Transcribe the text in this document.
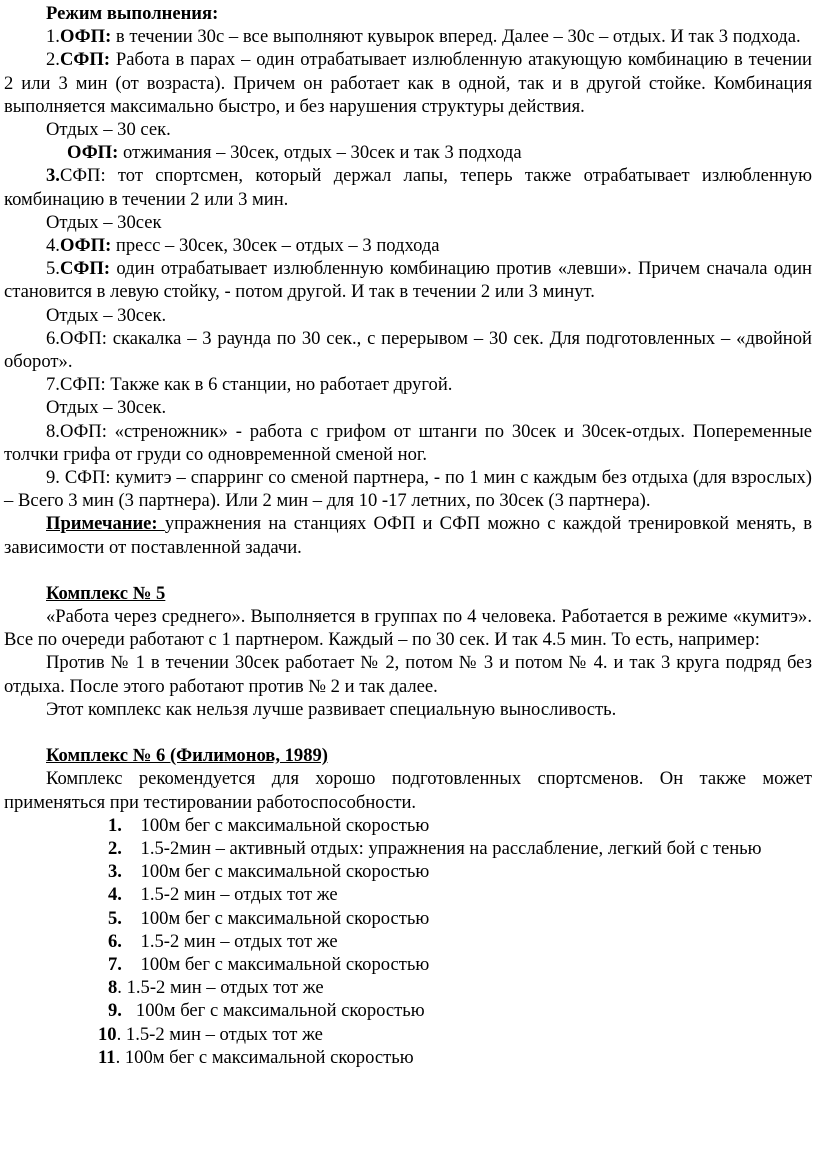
Режим выполнения:

1.ОФП: в течении 30с – все выполняют кувырок вперед. Далее – 30с – отдых. И так 3 подхода.

2.СФП: Работа в парах – один отрабатывает излюбленную атакующую комбинацию в течении 2 или 3 мин (от возраста). Причем он работает как в одной, так и в другой стойке. Комбинация выполняется максимально быстро, и без нарушения структуры действия.

Отдых – 30 сек.

ОФП: отжимания – 30сек, отдых – 30сек и так 3 подхода

3.СФП: тот спортсмен, который держал лапы, теперь также отрабатывает излюбленную комбинацию в течении 2 или 3 мин.

Отдых – 30сек

4.ОФП: пресс – 30сек, 30сек – отдых – 3 подхода

5.СФП: один отрабатывает излюбленную комбинацию против «левши». Причем сначала один становится в левую стойку, - потом другой. И так в течении 2 или 3 минут.

Отдых – 30сек.

6.ОФП: скакалка – 3 раунда по 30 сек., с перерывом – 30 сек. Для подготовленных – «двойной оборот».

7.СФП: Также как в 6 станции, но работает другой.

Отдых – 30сек.

8.ОФП: «стреножник» - работа с грифом от штанги по 30сек и 30сек-отдых. Попеременные толчки грифа от груди со одновременной сменой ног.

9. СФП: кумитэ – спарринг со сменой партнера, - по 1 мин с каждым без отдыха (для взрослых) – Всего 3 мин (3 партнера). Или 2 мин – для 10 -17 летних, по 30сек (3 партнера).

Примечание: упражнения на станциях ОФП и СФП можно с каждой тренировкой менять, в зависимости от поставленной задачи.

Комплекс № 5

«Работа через среднего». Выполняется в группах по 4 человека. Работается в режиме «кумитэ». Все по очереди работают с 1 партнером. Каждый – по 30 сек. И так 4.5 мин. То есть, например:

Против № 1 в течении 30сек работает № 2, потом № 3 и потом № 4. и так 3 круга подряд без отдыха. После этого работают против № 2 и так далее.

Этот комплекс как нельзя лучше развивает специальную выносливость.

Комплекс № 6 (Филимонов, 1989)

Комплекс рекомендуется для хорошо подготовленных спортсменов. Он также может применяться при тестировании работоспособности.

1. 100м бег с максимальной скоростью

2. 1.5-2мин – активный отдых: упражнения на расслабление, легкий бой с тенью

3. 100м бег с максимальной скоростью

4. 1.5-2 мин – отдых тот же

5. 100м бег с максимальной скоростью

6. 1.5-2 мин – отдых тот же

7. 100м бег с максимальной скоростью

8. 1.5-2 мин – отдых тот же

9. 100м бег с максимальной скоростью

10. 1.5-2 мин – отдых тот же

11. 100м бег с максимальной скоростью
